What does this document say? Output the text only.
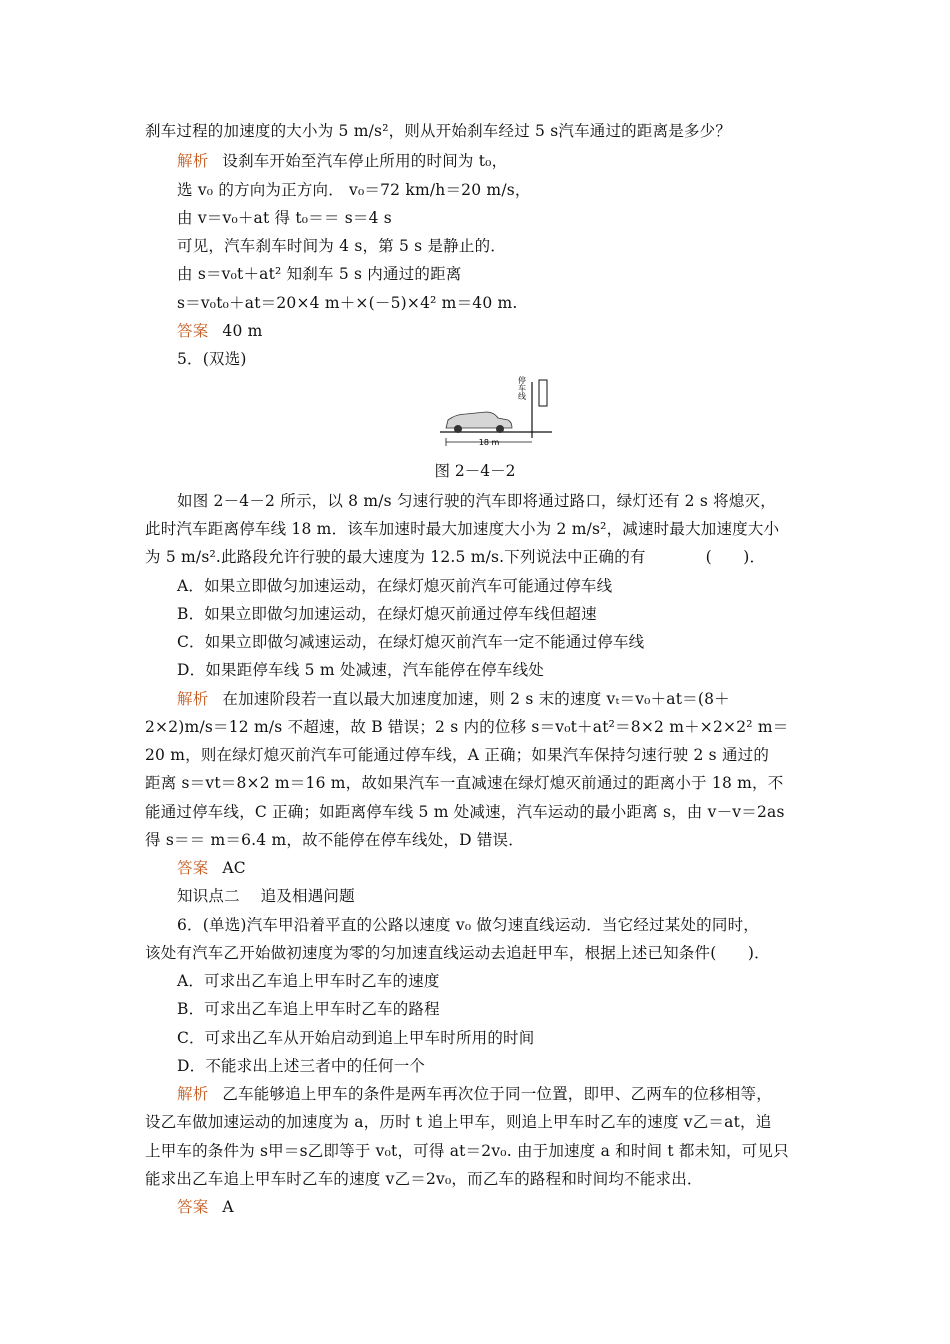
刹车过程的加速度的大小为 5 m/s²，则从开始刹车经过 5 s汽车通过的距离是多少？
解析 设刹车开始至汽车停止所用的时间为 t₀，
选 v₀ 的方向为正方向． v₀＝72 km/h＝20 m/s，
由 v＝v₀＋at 得 t₀＝＝ s＝4 s
可见，汽车刹车时间为 4 s，第 5 s 是静止的．
由 s＝v₀t＋at² 知刹车 5 s 内通过的距离
s＝v₀t₀＋at＝20×4 m＋×(－5)×4² m＝40 m.
答案 40 m
5．(双选)
停车线
18 m
图 2－4－2
如图 2－4－2 所示，以 8 m/s 匀速行驶的汽车即将通过路口，绿灯还有 2 s 将熄灭，
此时汽车距离停车线 18 m．该车加速时最大加速度大小为 2 m/s²，减速时最大加速度大小
为 5 m/s².此路段允许行驶的最大速度为 12.5 m/s.下列说法中正确的有	(　　)．
A．如果立即做匀加速运动，在绿灯熄灭前汽车可能通过停车线
B．如果立即做匀加速运动，在绿灯熄灭前通过停车线但超速
C．如果立即做匀减速运动，在绿灯熄灭前汽车一定不能通过停车线
D．如果距停车线 5 m 处减速，汽车能停在停车线处
解析 在加速阶段若一直以最大加速度加速，则 2 s 末的速度 vₜ＝v₀＋at＝(8＋
2×2)m/s＝12 m/s 不超速，故 B 错误；2 s 内的位移 s＝v₀t＋at²＝8×2 m＋×2×2² m＝
20 m，则在绿灯熄灭前汽车可能通过停车线，A 正确；如果汽车保持匀速行驶 2 s 通过的
距离 s＝vt＝8×2 m＝16 m，故如果汽车一直减速在绿灯熄灭前通过的距离小于 18 m，不
能通过停车线，C 正确；如距离停车线 5 m 处减速，汽车运动的最小距离 s，由 v－v＝2as
得 s＝＝ m＝6.4 m，故不能停在停车线处，D 错误．
答案 AC
知识点二　 追及相遇问题
6．(单选)汽车甲沿着平直的公路以速度 v₀ 做匀速直线运动．当它经过某处的同时，
该处有汽车乙开始做初速度为零的匀加速直线运动去追赶甲车，根据上述已知条件(　　)．
A．可求出乙车追上甲车时乙车的速度
B．可求出乙车追上甲车时乙车的路程
C．可求出乙车从开始启动到追上甲车时所用的时间
D．不能求出上述三者中的任何一个
解析 乙车能够追上甲车的条件是两车再次位于同一位置，即甲、乙两车的位移相等，
设乙车做加速运动的加速度为 a，历时 t 追上甲车，则追上甲车时乙车的速度 v乙＝at，追
上甲车的条件为 s甲＝s乙即等于 v₀t，可得 at＝2v₀. 由于加速度 a 和时间 t 都未知，可见只
能求出乙车追上甲车时乙车的速度 v乙＝2v₀，而乙车的路程和时间均不能求出．
答案 A
